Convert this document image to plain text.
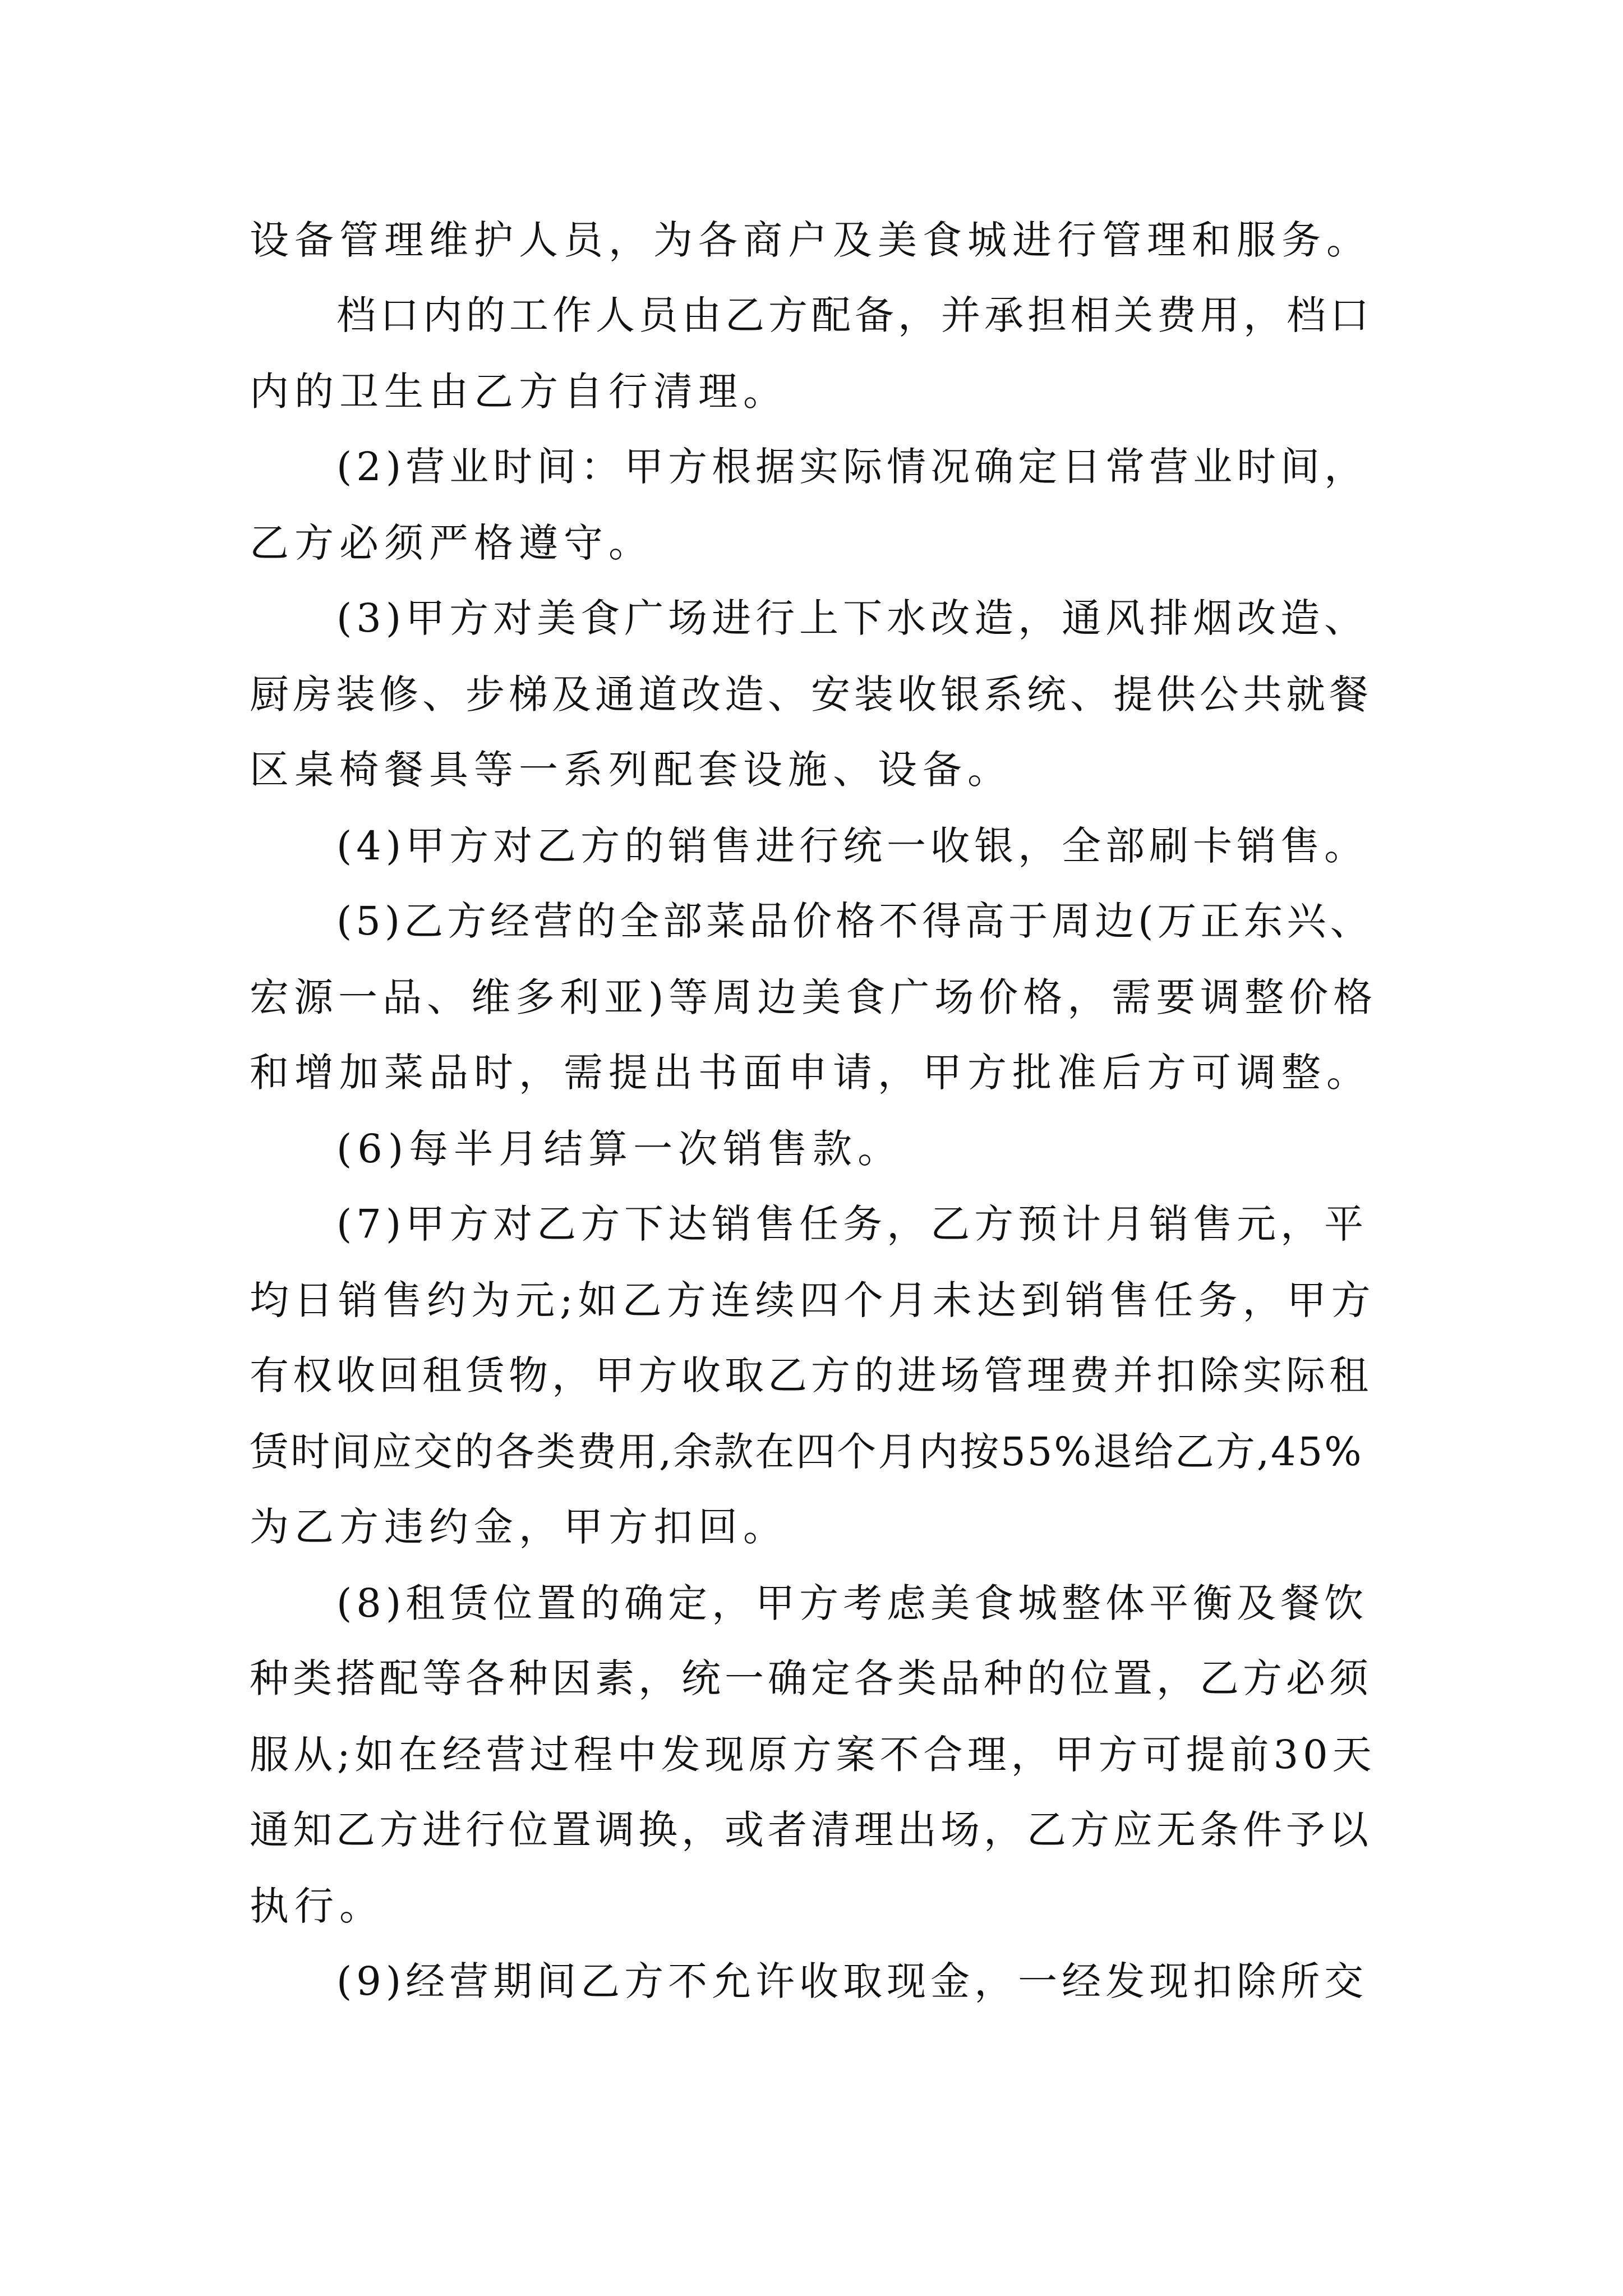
设备管理维护人员，为各商户及美食城进行管理和服务。
档口内的工作人员由乙方配备，并承担相关费用，档口
内的卫生由乙方自行清理。
(2)营业时间：甲方根据实际情况确定日常营业时间，
乙方必须严格遵守。
(3)甲方对美食广场进行上下水改造，通风排烟改造、
厨房装修、步梯及通道改造、安装收银系统、提供公共就餐
区桌椅餐具等一系列配套设施、设备。
(4)甲方对乙方的销售进行统一收银，全部刷卡销售。
(5)乙方经营的全部菜品价格不得高于周边(万正东兴、
宏源一品、维多利亚)等周边美食广场价格，需要调整价格
和增加菜品时，需提出书面申请，甲方批准后方可调整。
(6)每半月结算一次销售款。
(7)甲方对乙方下达销售任务，乙方预计月销售元，平
均日销售约为元;如乙方连续四个月未达到销售任务，甲方
有权收回租赁物，甲方收取乙方的进场管理费并扣除实际租
赁时间应交的各类费用,余款在四个月内按55%退给乙方,45%
为乙方违约金，甲方扣回。
(8)租赁位置的确定，甲方考虑美食城整体平衡及餐饮
种类搭配等各种因素，统一确定各类品种的位置，乙方必须
服从;如在经营过程中发现原方案不合理，甲方可提前30天
通知乙方进行位置调换，或者清理出场，乙方应无条件予以
执行。
(9)经营期间乙方不允许收取现金，一经发现扣除所交
